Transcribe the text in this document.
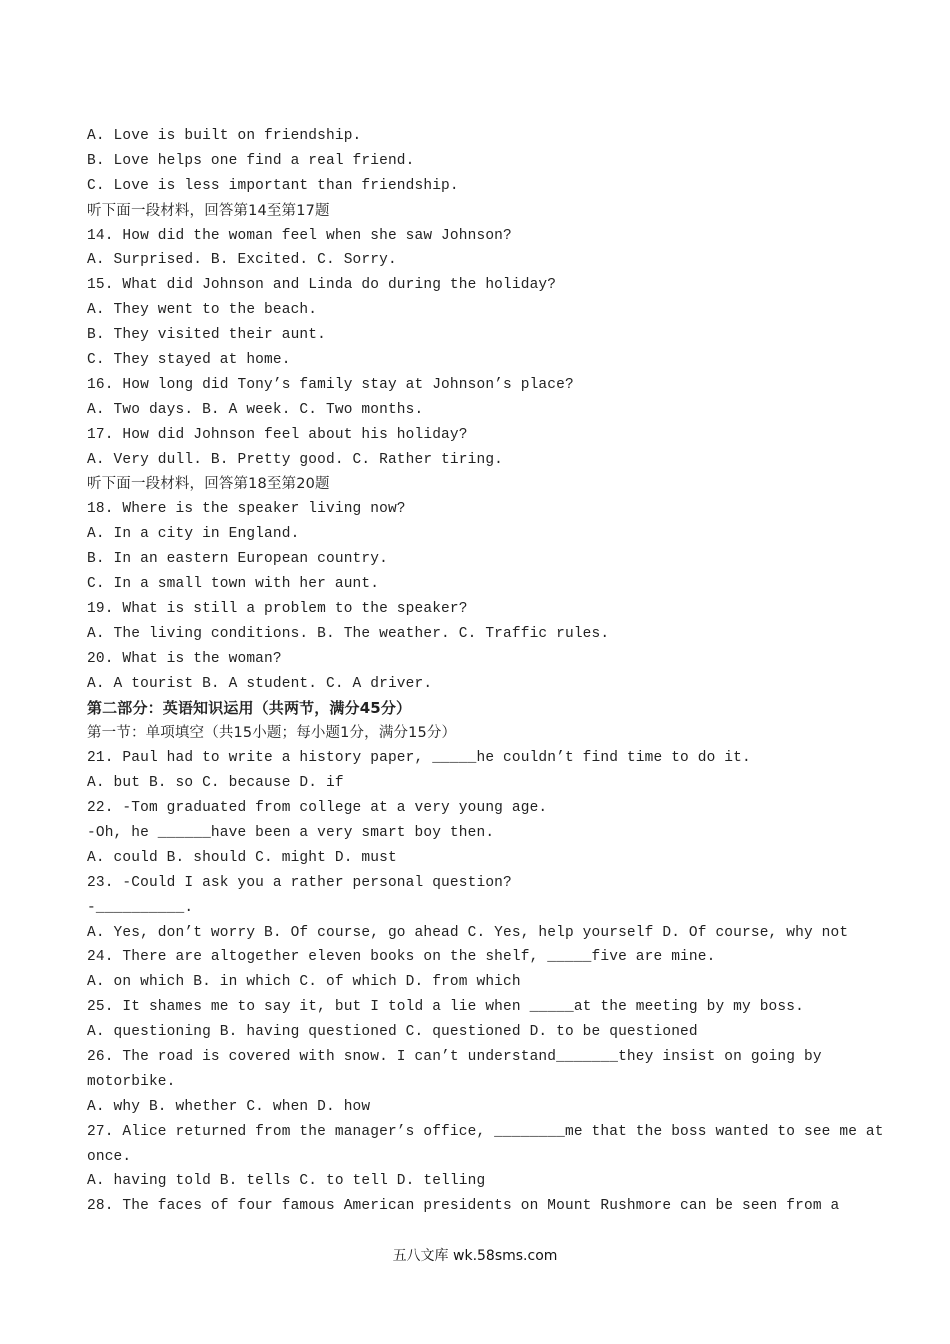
A. Love is built on friendship.
B. Love helps one find a real friend.
C. Love is less important than friendship.
听下面一段材料，回答第14至第17题
14. How did the woman feel when she saw Johnson?
A. Surprised. B. Excited. C. Sorry.
15. What did Johnson and Linda do during the holiday?
A. They went to the beach.
B. They visited their aunt.
C. They stayed at home.
16. How long did Tony’s family stay at Johnson’s place?
A. Two days. B. A week. C. Two months.
17. How did Johnson feel about his holiday?
A. Very dull. B. Pretty good. C. Rather tiring.
听下面一段材料，回答第18至第20题
18. Where is the speaker living now?
A. In a city in England.
B. In an eastern European country.
C. In a small town with her aunt.
19. What is still a problem to the speaker?
A. The living conditions. B. The weather. C. Traffic rules.
20. What is the woman?
A. A tourist B. A student. C. A driver.
第二部分：英语知识运用（共两节，满分45分）
第一节：单项填空（共15小题；每小题1分，满分15分）
21. Paul had to write a history paper, _____he couldn’t find time to do it.
A. but B. so C. because D. if
22. -Tom graduated from college at a very young age.
-Oh, he ______have been a very smart boy then.
A. could B. should C. might D. must
23. -Could I ask you a rather personal question?
-__________.
A. Yes, don’t worry B. Of course, go ahead C. Yes, help yourself D. Of course, why not
24. There are altogether eleven books on the shelf, _____five are mine.
A. on which B. in which C. of which D. from which
25. It shames me to say it, but I told a lie when _____at the meeting by my boss.
A. questioning B. having questioned C. questioned D. to be questioned
26. The road is covered with snow. I can’t understand_______they insist on going by
motorbike.
A. why B. whether C. when D. how
27. Alice returned from the manager’s office, ________me that the boss wanted to see me at
once.
A. having told B. tells C. to tell D. telling
28. The faces of four famous American presidents on Mount Rushmore can be seen from a
五八文库 wk.58sms.com
